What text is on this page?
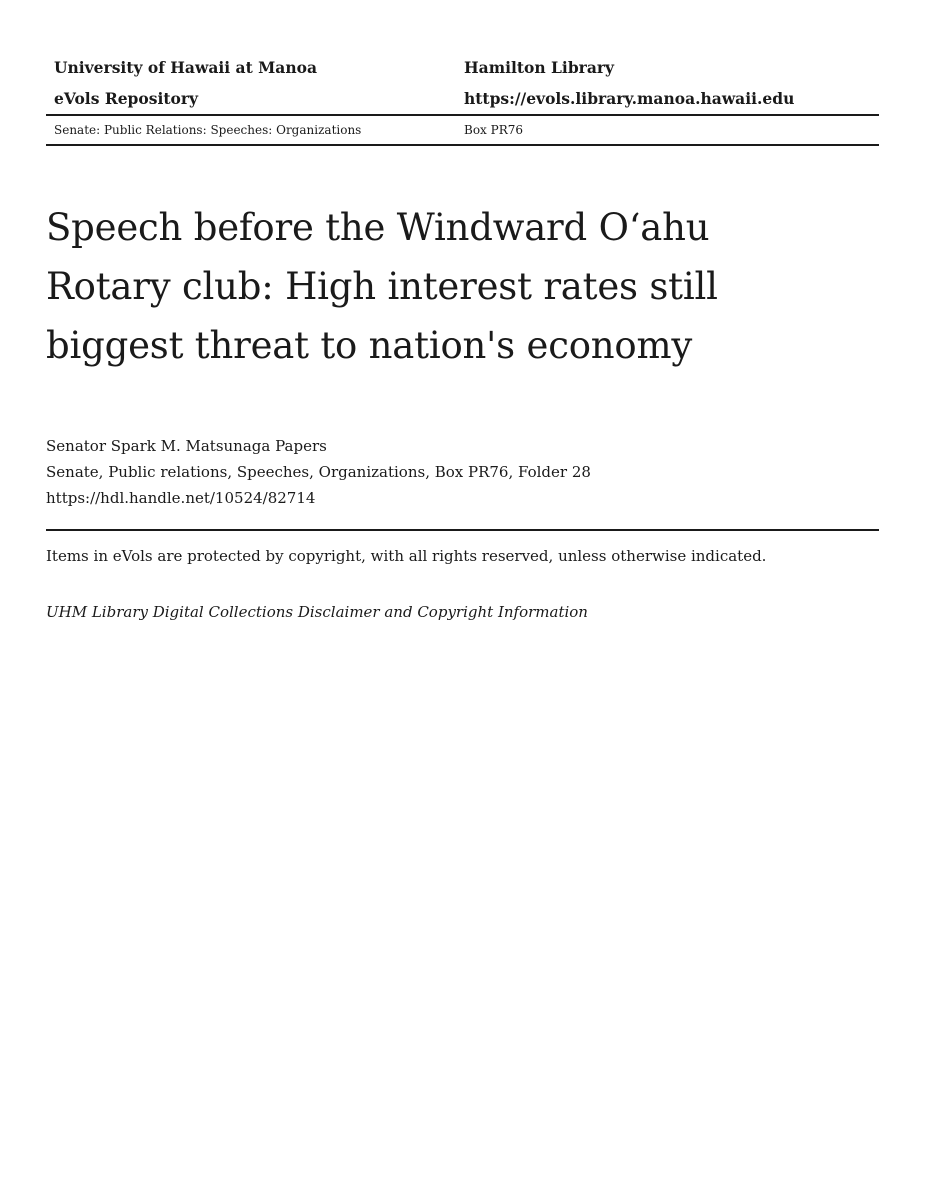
University of Hawaii at Manoa	Hamilton Library
eVols Repository	https://evols.library.manoa.hawaii.edu
Senate: Public Relations: Speeches: Organizations	Box PR76
Speech before the Windward O‘ahu Rotary club: High interest rates still biggest threat to nation's economy
Senator Spark M. Matsunaga Papers
Senate, Public relations, Speeches, Organizations, Box PR76, Folder 28
https://hdl.handle.net/10524/82714
Items in eVols are protected by copyright, with all rights reserved, unless otherwise indicated.
UHM Library Digital Collections Disclaimer and Copyright Information
